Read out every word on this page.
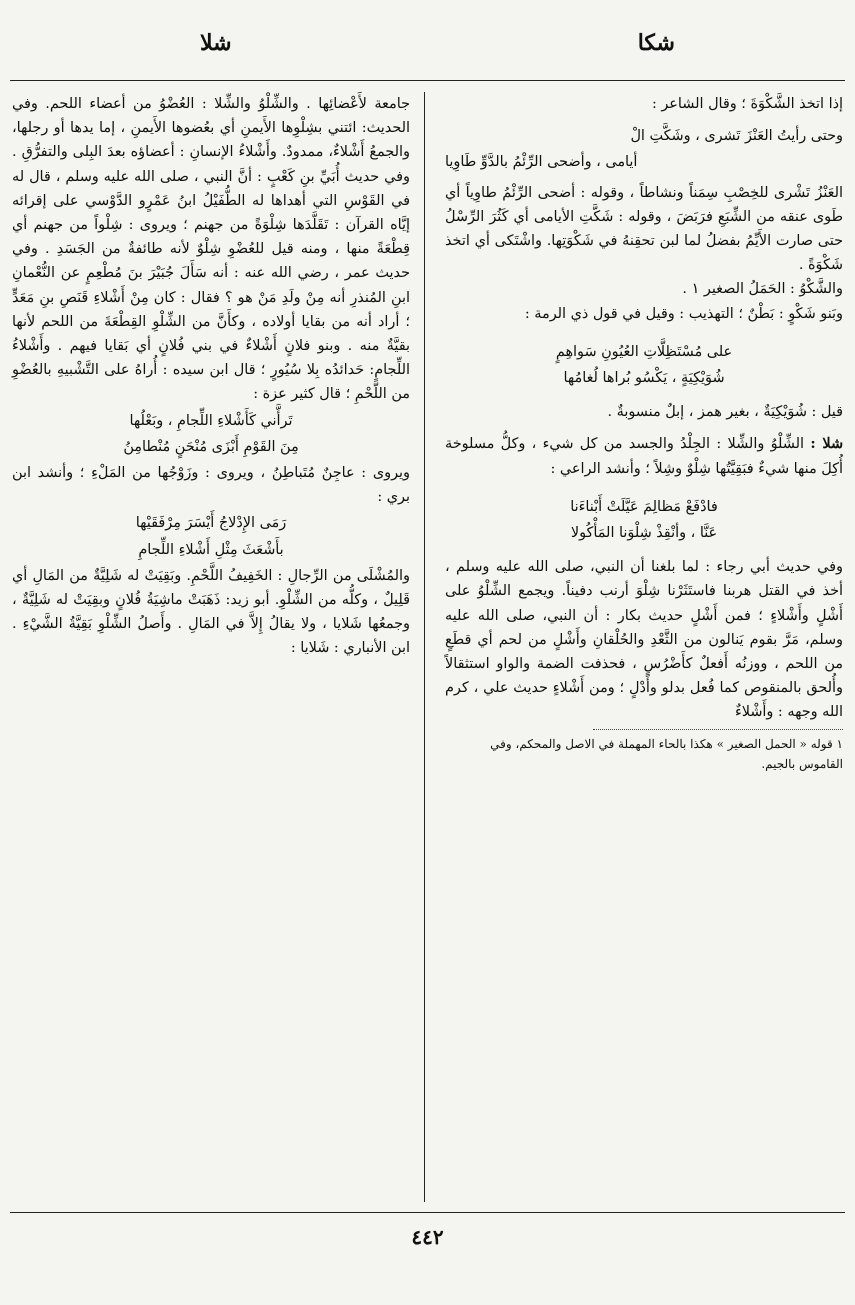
شكا
شلا

إذا اتخذ الشَّكْوَةَ ؛ وقال الشاعر :

وحتى رأيتُ العَنْزَ تَشرى ، وشَكَّتِ الْ

أيامى ، وأضحى الرِّئْمُ بالدَّوِّ طَاوِيا

العَنْزُ تَشْرى للخِصْبِ سِمَناً ونشاطاً ، وقوله : أضحى الرِّئْمُ طاوِياً أي طَوى عنقه من الشِّبَعِ فرَبَضَ ، وقوله : شَكَّتِ الأيامى أي كَثُرَ الرِّسْلُ حتى صارت الأَيِّمُ بفضلُ لما لبن تحقِنهُ في شَكْوَتِها. واشْتَكى أي اتخذ شَكْوَةً .

والشَّكْوُ : الحَمَلُ الصغير ١ .

وبَنو شَكْوٍ : بَطْنٌ ؛ التهذيب : وقيل في قول ذي الرمة :

على مُسْتَظِلَّاتِ العُيُونِ سَواهِمٍ

شُوَيْكِيَةٍ ، يَكْسُو بُراها لُغامُها

قيل : شُوَيْكِيَةٌ ، بغير همز ، إبلٌ منسوبةٌ .

شلا : الشِّلْوُ والشِّلا : الجِلْدُ والجسد من كل شيء ، وكلُّ مسلوخة أُكِلَ منها شيءٌ فبَقِيَّتُها شِلْوٌ وشِلاً ؛ وأنشد الراعي :

فادْفَعْ مَظالِمَ عَيَّلَتْ أَبْناءَنا

عَنَّا ، وأنْقِذْ شِلْوَنا المَأْكُولا

وفي حديث أبي رجاء : لما بلغنا أن النبي، صلى الله عليه وسلم ، أخذ في القتل هربنا فاستَثَرْنا شِلْوَ أرنب دفيناً. ويجمع الشِّلْوُ على أَشْلٍ وأَشْلاءٍ ؛ فمن أَشْلٍ حديث بكار : أن النبي، صلى الله عليه وسلم، مَرَّ بقوم يَنالون من الثَّعْدِ والحُلْقانِ وأَشْلٍ من لحم أي قطَعٍ من اللحم ، ووزنُه أَفعلٌ كأَضْرُسٍ ، فحذفت الضمة والواو استثقالاً وأُلحق بالمنقوص كما فُعل بدلو وأَدْلٍ ؛ ومن أَشْلاءٍ حديث علي ، كرم الله وجهه : وأَشْلاءٌ

١ قوله « الحمل الصغير » هكذا بالحاء المهملة في الاصل والمحكم، وفي القاموس بالجيم.

جامعة لأَعْضائِها . والشِّلْوُ والشِّلا : العُضْوُ من أعضاء اللحم. وفي الحديث: ائتني بشِلْوِها الأَيمنِ أي بعُضوها الأَيمنِ ، إما يدها أو رجلها، والجمعُ أَشْلاءٌ، ممدودٌ. وأَشْلاءُ الإنسانِ : أعضاؤه بعدَ البِلى والتفرُّقِ . وفي حديث أُبَيِّ بنِ كَعْبٍ : أنَّ النبي ، صلى الله عليه وسلم ، قال له في القَوْسِ التي أهداها له الطُّفَيْلُ ابنُ عَمْرٍو الدَّوْسي على إقرائه إيَّاه القرآن : تَقَلَّدَها شِلْوَةً من جهنم ؛ ويروى : شِلْواً من جهنم أي قِطْعَةً منها ، ومنه قيل للعُضْوِ شِلْوٌ لأنه طائفةٌ من الجَسَدِ . وفي حديث عمر ، رضي الله عنه : أنه سَأَلَ جُبَيْرَ بنَ مُطْعِمٍ عن النُّعْمانِ ابنِ المُنذرِ أنه مِنْ ولَدِ مَنْ هو ؟ فقال : كان مِنْ أَشْلاءِ قَنَصِ بنِ مَعَدٍّ ؛ أراد أنه من بقايا أولاده ، وكأَنَّ من الشِّلْوِ القِطْعَةَ من اللحم لأنها بقيَّةٌ منه . وبنو فلانٍ أَشْلاءٌ في بني فُلانٍ أي بَقايا فيهم . وأَشْلاءُ اللِّجامِ: حَدائدُه بِلا سُيُورٍ ؛ قال ابن سيده : أُراهُ على التَّشْبيهِ بالعُضْوِ من اللَّحْمِ ؛ قال كثير عزة :

تَرأَّني كَأَشْلاءِ اللِّجامِ ، وبَعْلُها

مِنَ القَوْمِ أَبْزَى مُنْحَنٍ مُنْطامِنُ

ويروى : عاجِنٌ مُتَباطِنُ ، ويروى : وزَوْجُها من المَلْءِ ؛ وأنشد ابن بري :

رَمَى الإِدْلاجُ أَيْسَرَ مِرْفَقَيْها

بأَشْعَثَ مِثْلِ أَشْلاءِ اللِّجامِ

والمُشْلَى من الرِّجالِ : الخَفِيفُ اللَّحْمِ. وبَقِيَتْ له شَلِيَّةٌ من المَالِ أي قَلِيلٌ ، وكلُّه من الشِّلْوِ. أبو زيد: ذَهَبَتْ ماشِيَةُ فُلانٍ وبقِيَتْ له شَلِيَّةٌ ، وجمعُها شَلايا ، ولا يقالُ إِلاَّ في المَالِ . وأَصلُ الشِّلْوِ بَقِيَّةُ الشَّيْءِ . ابن الأنباري : شَلايا :

٤٤٢
